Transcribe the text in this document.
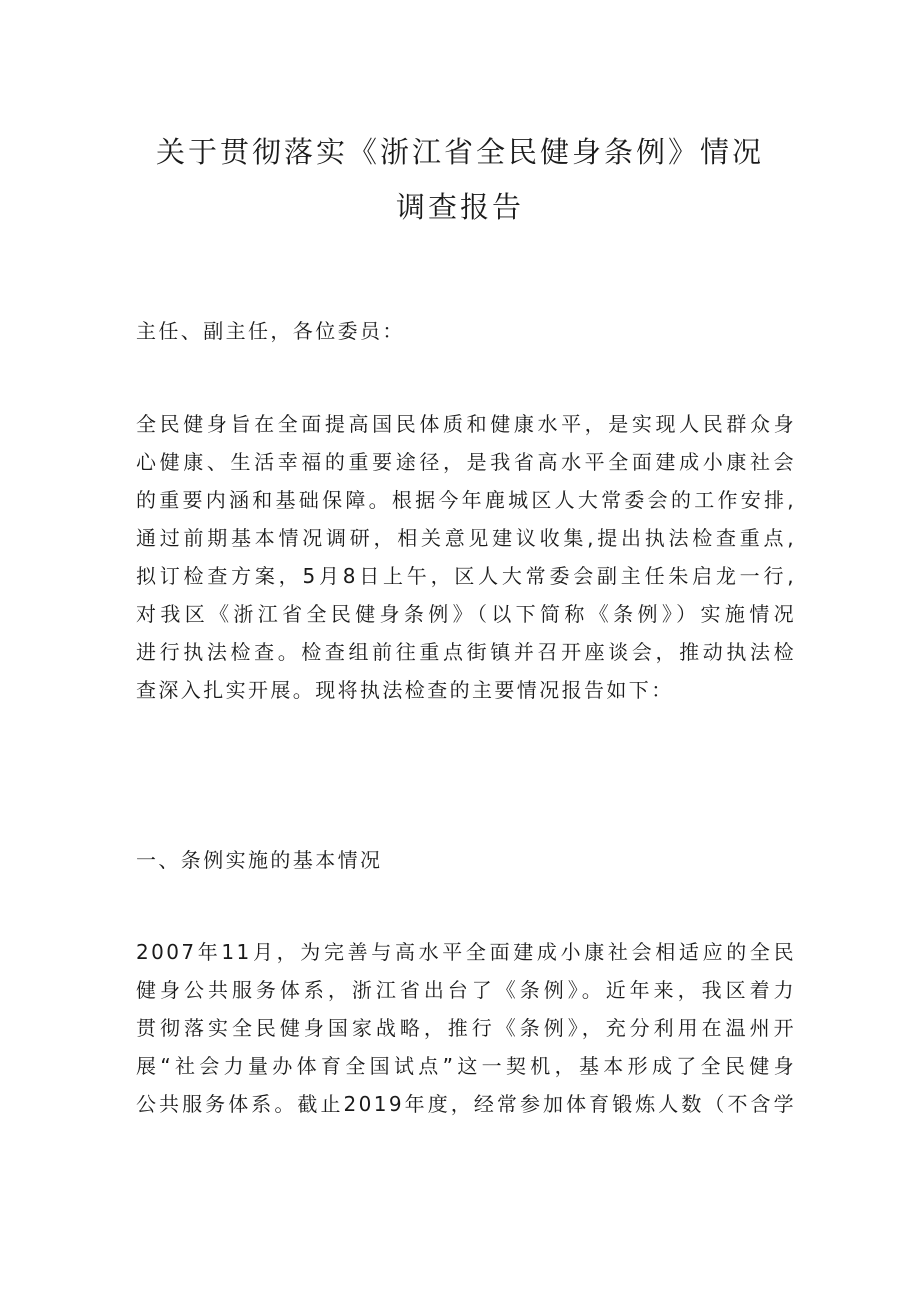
关于贯彻落实《浙江省全民健身条例》情况
调查报告
主任、副主任，各位委员：
全民健身旨在全面提高国民体质和健康水平，是实现人民群众身
心健康、生活幸福的重要途径，是我省高水平全面建成小康社会
的重要内涵和基础保障。根据今年鹿城区人大常委会的工作安排,
通过前期基本情况调研，相关意见建议收集,提出执法检查重点,
拟订检查方案，5月8日上午，区人大常委会副主任朱启龙一行,
对我区《浙江省全民健身条例》（以下简称《条例》）实施情况
进行执法检查。检查组前往重点街镇并召开座谈会，推动执法检
查深入扎实开展。现将执法检查的主要情况报告如下：
一、条例实施的基本情况
2007年11月，为完善与高水平全面建成小康社会相适应的全民
健身公共服务体系，浙江省出台了《条例》。近年来，我区着力
贯彻落实全民健身国家战略，推行《条例》，充分利用在温州开
展“社会力量办体育全国试点”这一契机，基本形成了全民健身
公共服务体系。截止2019年度，经常参加体育锻炼人数（不含学
